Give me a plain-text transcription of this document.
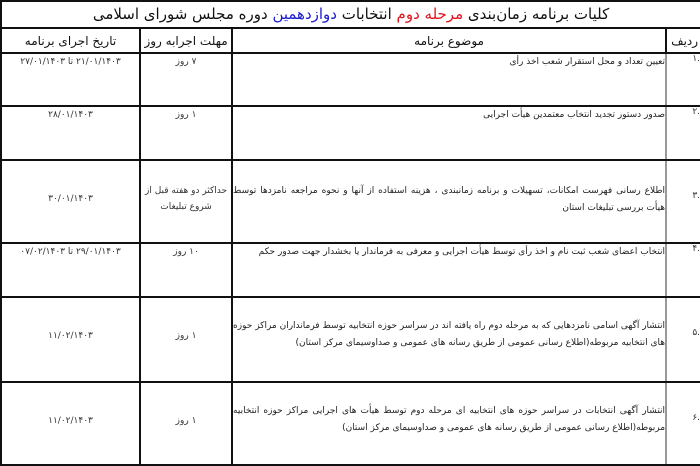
کلیات برنامه زمان‌بندی مرحله دوم انتخابات دوازدهمین دوره مجلس شورای اسلامی			
ردیف	موضوع برنامه	مهلت اجرابه روز	تاریخ اجرای برنامه
.۱	تعیین تعداد و محل استقرار شعب اخذ رأی	۷ روز	۲۱/۰۱/۱۴۰۳ تا ۲۷/۰۱/۱۴۰۳
.۲	صدور دستور تجدید انتخاب معتمدین هیأت اجرایی	۱ روز	۲۸/۰۱/۱۴۰۳
.۳	اطلاع رسانی فهرست امکانات، تسهیلات و برنامه زمانبندی ، هزینه استفاده از آنها و نحوه مراجعه نامزدها توسط هیأت بررسی تبلیغات استان	حداکثر دو هفته قبل از شروع تبلیغات	۳۰/۰۱/۱۴۰۳
.۴	انتخاب اعضای شعب ثبت نام و اخذ رأی توسط هیأت اجرایی و معرفی به فرماندار یا بخشدار جهت صدور حکم	۱۰ روز	۲۹/۰۱/۱۴۰۳ تا ۰۷/۰۲/۱۴۰۳
.۵	انتشار آگهی اسامی نامزدهایی که به مرحله دوم راه یافته اند در سراسر حوزه انتخابیه توسط فرمانداران مراکز حوزه های انتخابیه مربوطه(اطلاع رسانی عمومی از طریق رسانه های عمومی و صداوسیمای مرکز استان)	۱ روز	۱۱/۰۲/۱۴۰۳
.۶	انتشار آگهی انتخابات در سراسر حوزه های انتخابیه ای مرحله دوم توسط هیأت های اجرایی مراکز حوزه انتخابیه مربوطه(اطلاع رسانی عمومی از طریق رسانه های عمومی و صداوسیمای مرکز استان)	۱ روز	۱۱/۰۲/۱۴۰۳
